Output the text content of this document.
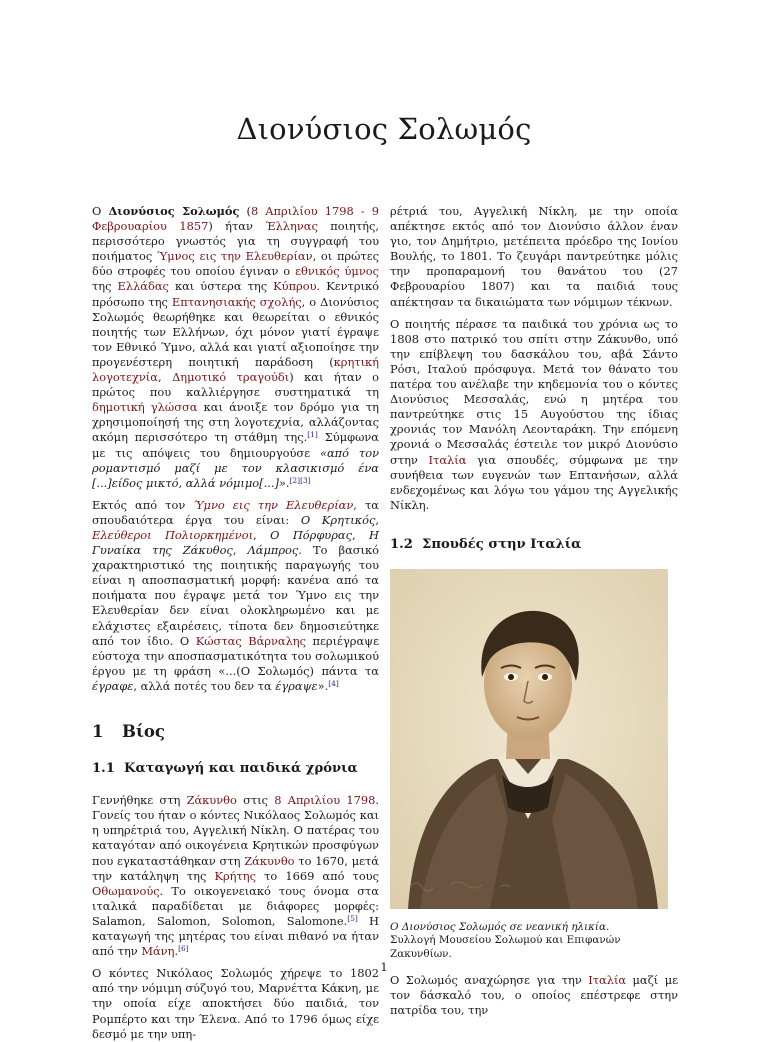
Διονύσιος Σολωμός

Ο Διονύσιος Σολωμός (8 Απριλίου 1798 - 9 Φεβρουαρίου 1857) ήταν Έλληνας ποιητής, περισσότερο γνωστός για τη συγγραφή του ποιήματος Ύμνος εις την Ελευθερίαν, οι πρώτες δύο στροφές του οποίου έγιναν ο εθνικός ύμνος της Ελλάδας και ύστερα της Κύπρου. Κεντρικό πρόσωπο της Επτανησιακής σχολής, ο Διονύσιος Σολωμός θεωρήθηκε και θεωρείται ο εθνικός ποιητής των Ελλήνων, όχι μόνον γιατί έγραψε τον Εθνικό Ύμνο, αλλά και γιατί αξιοποίησε την προγενέστερη ποιητική παράδοση (κρητική λογοτεχνία, Δημοτικό τραγούδι) και ήταν ο πρώτος που καλλιέργησε συστηματικά τη δημοτική γλώσσα και άνοιξε τον δρόμο για τη χρησιμοποίησή της στη λογοτεχνία, αλλάζοντας ακόμη περισσότερο τη στάθμη της.[1] Σύμφωνα με τις απόψεις του δημιουργούσε «από τον ρομαντισμό μαζί με τον κλασικισμό ένα [...]είδος μικτό, αλλά νόμιμο[...]».[2][3]

Εκτός από τον Ύμνο εις την Ελευθερίαν, τα σπουδαιότερα έργα του είναι: Ο Κρητικός, Ελεύθεροι Πολιορκημένοι, Ο Πόρφυρας, Η Γυναίκα της Ζάκυθος, Λάμπρος. Το βασικό χαρακτηριστικό της ποιητικής παραγωγής του είναι η αποσπασματική μορφή: κανένα από τα ποιήματα που έγραψε μετά τον Ύμνο εις την Ελευθερίαν δεν είναι ολοκληρωμένο και με ελάχιστες εξαιρέσεις, τίποτα δεν δημοσιεύτηκε από τον ίδιο. Ο Κώστας Βάρναλης περιέγραψε εύστοχα την αποσπασματικότητα του σολωμικού έργου με τη φράση «...(Ο Σολωμός) πάντα τα έγραφε, αλλά ποτές του δεν τα έγραψε».[4]

1	Βίος
1.1 Καταγωγή και παιδικά χρόνια

Γεννήθηκε στη Ζάκυνθο στις 8 Απριλίου 1798. Γονείς του ήταν ο κόντες Νικόλαος Σολωμός και η υπηρέτριά του, Αγγελική Νίκλη. Ο πατέρας του καταγόταν από οικογένεια Κρητικών προσφύγων που εγκαταστάθηκαν στη Ζάκυνθο το 1670, μετά την κατάληψη της Κρήτης το 1669 από τους Οθωμανούς. Το οικογενειακό τους όνομα στα ιταλικά παραδίδεται με διάφορες μορφές: Salamon, Salomon, Solomon, Salomone.[5] Η καταγωγή της μητέρας του είναι πιθανό να ήταν από την Μάνη.[6]

Ο κόντες Νικόλαος Σολωμός χήρεψε το 1802 από την νόμιμη σύζυγό του, Μαρνέττα Κάκνη, με την οποία είχε αποκτήσει δύο παιδιά, τον Ρομπέρτο και την Έλενα. Από το 1796 όμως είχε δεσμό με την υπη-

ρέτριά του, Αγγελική Νίκλη, με την οποία απέκτησε εκτός από τον Διονύσιο άλλον έναν γιο, τον Δημήτριο, μετέπειτα πρόεδρο της Ιονίου Βουλής, το 1801. Το ζευγάρι παντρεύτηκε μόλις την προπαραμονή του θανάτου του (27 Φεβρουαρίου 1807) και τα παιδιά τους απέκτησαν τα δικαιώματα των νόμιμων τέκνων.

Ο ποιητής πέρασε τα παιδικά του χρόνια ως το 1808 στο πατρικό του σπίτι στην Ζάκυνθο, υπό την επίβλεψη του δασκάλου του, αβά Σάντο Ρόσι, Ιταλού πρόσφυγα. Μετά τον θάνατο του πατέρα του ανέλαβε την κηδεμονία του ο κόντες Διονύσιος Μεσσαλάς, ενώ η μητέρα του παντρεύτηκε στις 15 Αυγούστου της ίδιας χρονιάς τον Μανόλη Λεονταράκη. Την επόμενη χρονιά ο Μεσσαλάς έστειλε τον μικρό Διονύσιο στην Ιταλία για σπουδές, σύμφωνα με την συνήθεια των ευγενών των Επτανήσων, αλλά ενδεχομένως και λόγω του γάμου της Αγγελικής Νίκλη.

1.2 Σπουδές στην Ιταλία
Ο Διονύσιος Σολωμός σε νεανική ηλικία.
Συλλογή Μουσείου Σολωμού και Επιφανών Ζακυνθίων.

Ο Σολωμός αναχώρησε για την Ιταλία μαζί με τον δάσκαλό του, ο οποίος επέστρεφε στην πατρίδα του, την

1
